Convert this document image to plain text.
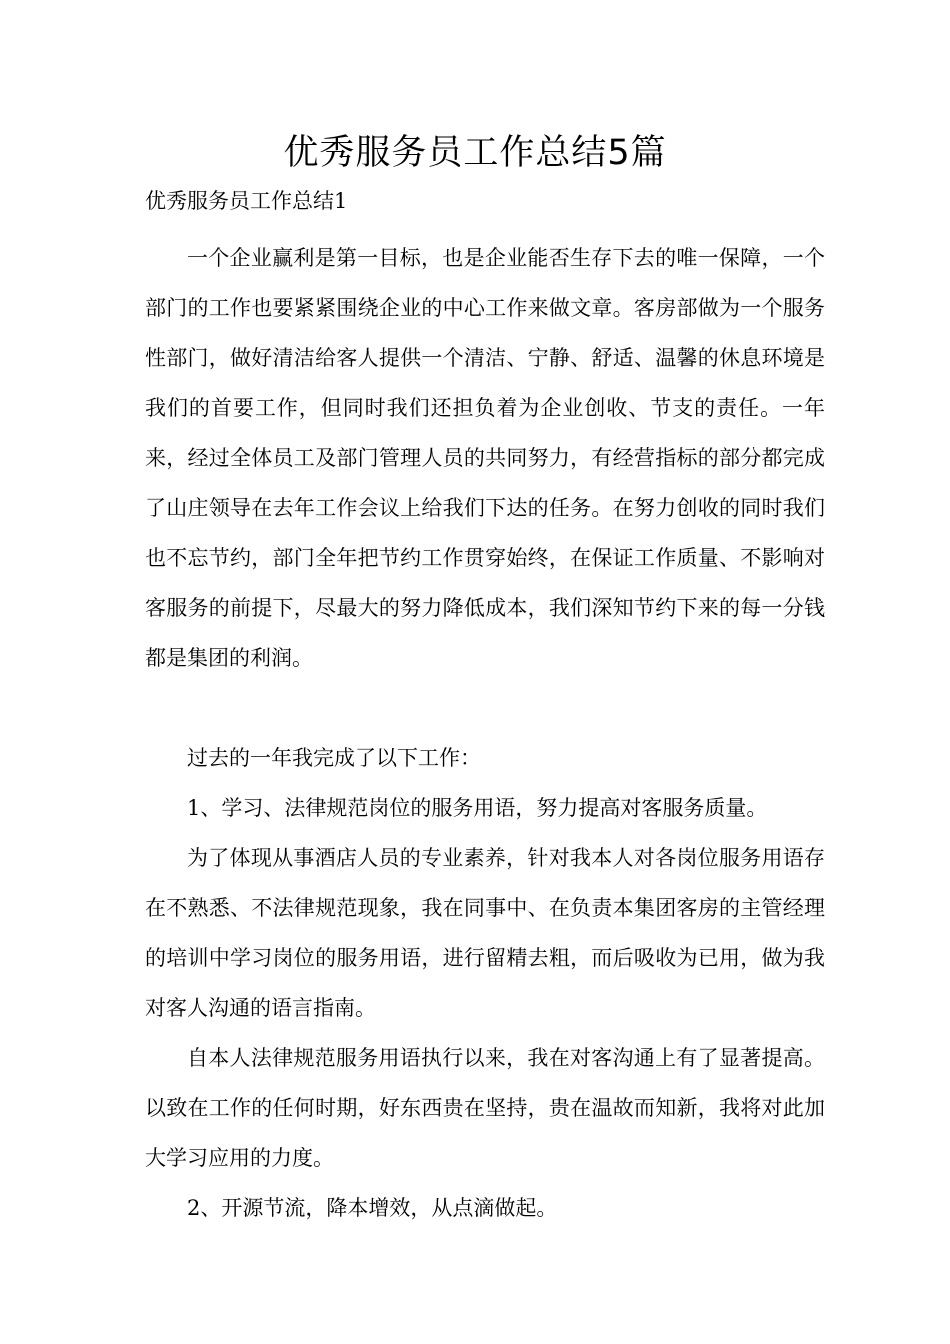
优秀服务员工作总结5篇
优秀服务员工作总结1

一个企业赢利是第一目标，也是企业能否生存下去的唯一保障，一个部门的工作也要紧紧围绕企业的中心工作来做文章。客房部做为一个服务性部门，做好清洁给客人提供一个清洁、宁静、舒适、温馨的休息环境是我们的首要工作，但同时我们还担负着为企业创收、节支的责任。一年来，经过全体员工及部门管理人员的共同努力，有经营指标的部分都完成了山庄领导在去年工作会议上给我们下达的任务。在努力创收的同时我们也不忘节约，部门全年把节约工作贯穿始终，在保证工作质量、不影响对客服务的前提下，尽最大的努力降低成本，我们深知节约下来的每一分钱都是集团的利润。

过去的一年我完成了以下工作：

1、学习、法律规范岗位的服务用语，努力提高对客服务质量。

为了体现从事酒店人员的专业素养，针对我本人对各岗位服务用语存在不熟悉、不法律规范现象，我在同事中、在负责本集团客房的主管经理的培训中学习岗位的服务用语，进行留精去粗，而后吸收为已用，做为我对客人沟通的语言指南。

自本人法律规范服务用语执行以来，我在对客沟通上有了显著提高。以致在工作的任何时期，好东西贵在坚持，贵在温故而知新，我将对此加大学习应用的力度。

2、开源节流，降本增效，从点滴做起。
